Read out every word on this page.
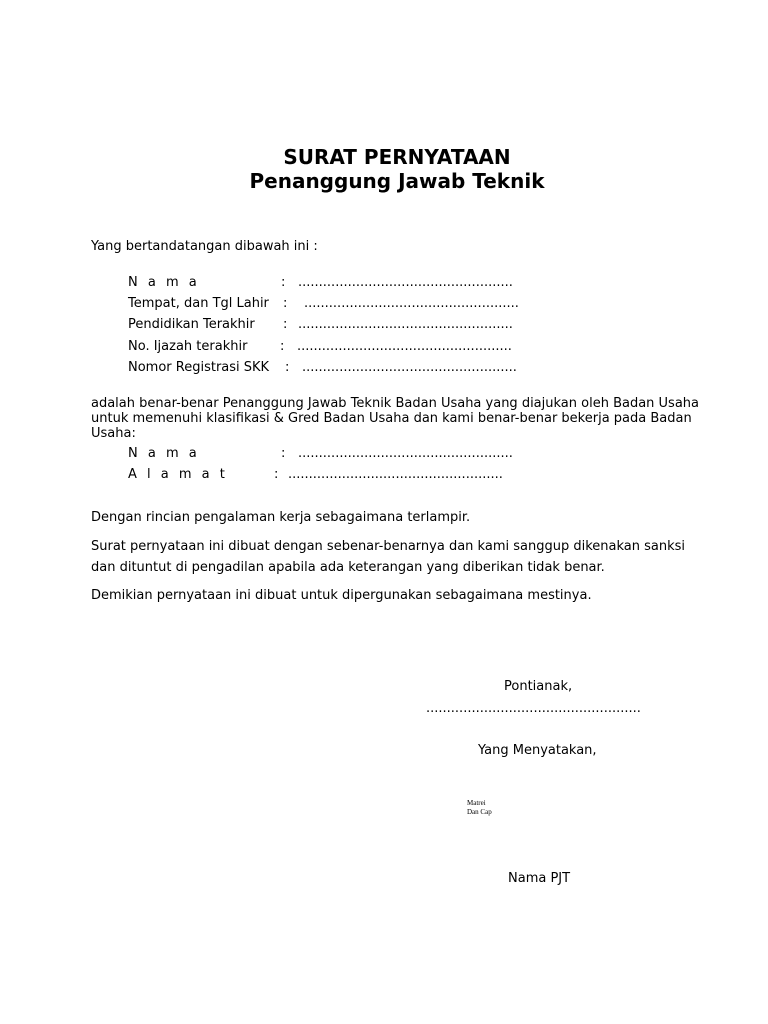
SURAT PERNYATAAN
Penanggung Jawab Teknik
Yang bertandatangan dibawah ini :
N a m a	: ....................................................
Tempat, dan Tgl Lahir : ....................................................
Pendidikan Terakhir : ....................................................
No. Ijazah terakhir	: ....................................................
Nomor Registrasi SKK : ....................................................
adalah benar-benar Penanggung Jawab Teknik Badan Usaha yang diajukan oleh Badan Usaha untuk memenuhi klasifikasi & Gred Badan Usaha dan kami benar-benar bekerja pada Badan Usaha:
N a m a	: ....................................................
A l a m a t	: ....................................................
Dengan rincian pengalaman kerja sebagaimana terlampir.
Surat pernyataan ini dibuat dengan sebenar-benarnya dan kami sanggup dikenakan sanksi
dan dituntut di pengadilan apabila ada keterangan yang diberikan tidak benar.
Demikian pernyataan ini dibuat untuk dipergunakan sebagaimana mestinya.
Pontianak,
....................................................
Yang Menyatakan,
Matrei
Dan Cap
Nama PJT
